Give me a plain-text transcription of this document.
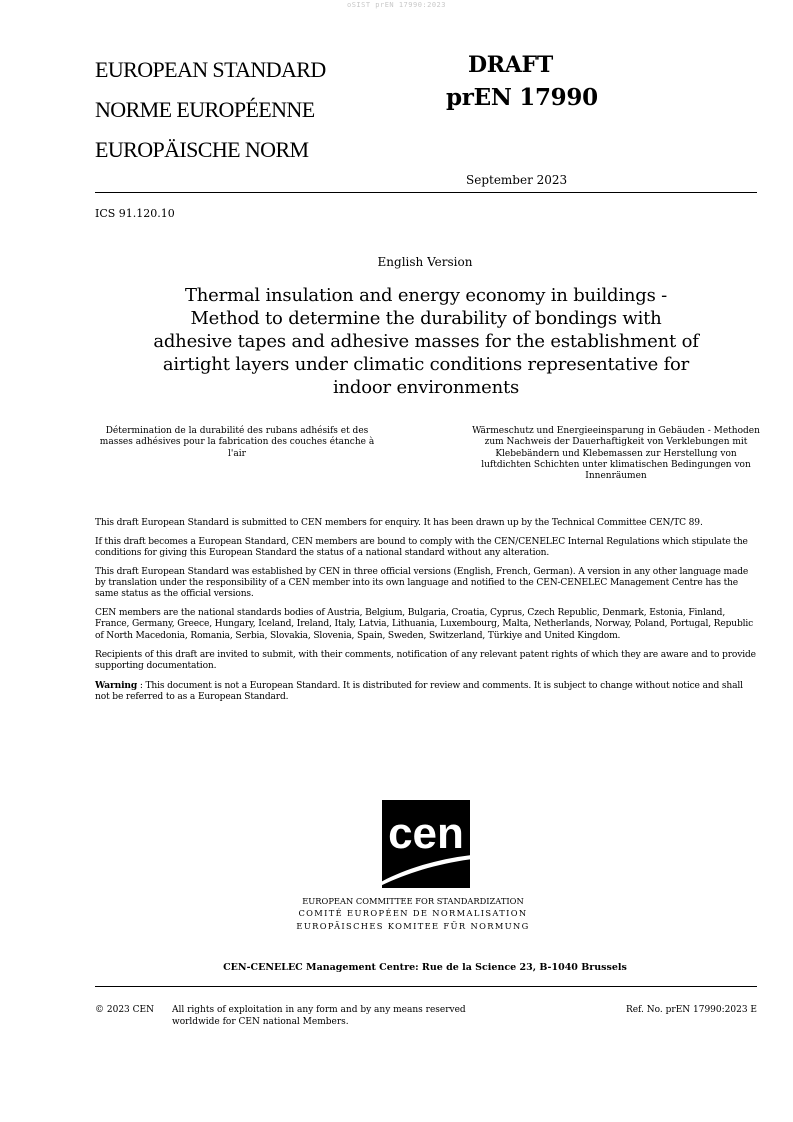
oSIST prEN 17990:2023
EUROPEAN STANDARD
NORME EUROPÉENNE
EUROPÄISCHE NORM
DRAFT
prEN 17990
September 2023
ICS 91.120.10
English Version
Thermal insulation and energy economy in buildings - Method to determine the durability of bondings with adhesive tapes and adhesive masses for the establishment of airtight layers under climatic conditions representative for indoor environments
Détermination de la durabilité des rubans adhésifs et des masses adhésives pour la fabrication des couches étanche à l'air
Wärmeschutz und Energieeinsparung in Gebäuden - Methoden zum Nachweis der Dauerhaftigkeit von Verklebungen mit Klebebändern und Klebemassen zur Herstellung von luftdichten Schichten unter klimatischen Bedingungen von Innenräumen

This draft European Standard is submitted to CEN members for enquiry. It has been drawn up by the Technical Committee CEN/TC 89.

If this draft becomes a European Standard, CEN members are bound to comply with the CEN/CENELEC Internal Regulations which stipulate the conditions for giving this European Standard the status of a national standard without any alteration.

This draft European Standard was established by CEN in three official versions (English, French, German). A version in any other language made by translation under the responsibility of a CEN member into its own language and notified to the CEN-CENELEC Management Centre has the same status as the official versions.

CEN members are the national standards bodies of Austria, Belgium, Bulgaria, Croatia, Cyprus, Czech Republic, Denmark, Estonia, Finland, France, Germany, Greece, Hungary, Iceland, Ireland, Italy, Latvia, Lithuania, Luxembourg, Malta, Netherlands, Norway, Poland, Portugal, Republic of North Macedonia, Romania, Serbia, Slovakia, Slovenia, Spain, Sweden, Switzerland, Türkiye and United Kingdom.

Recipients of this draft are invited to submit, with their comments, notification of any relevant patent rights of which they are aware and to provide supporting documentation.

Warning : This document is not a European Standard. It is distributed for review and comments. It is subject to change without notice and shall not be referred to as a European Standard.

cen
EUROPEAN COMMITTEE FOR STANDARDIZATION
COMITÉ EUROPÉEN DE NORMALISATION
EUROPÄISCHES KOMITEE FÜR NORMUNG
CEN-CENELEC Management Centre: Rue de la Science 23, B-1040 Brussels
© 2023 CEN All rights of exploitation in any form and by any means reserved
worldwide for CEN national Members.
Ref. No. prEN 17990:2023 E
